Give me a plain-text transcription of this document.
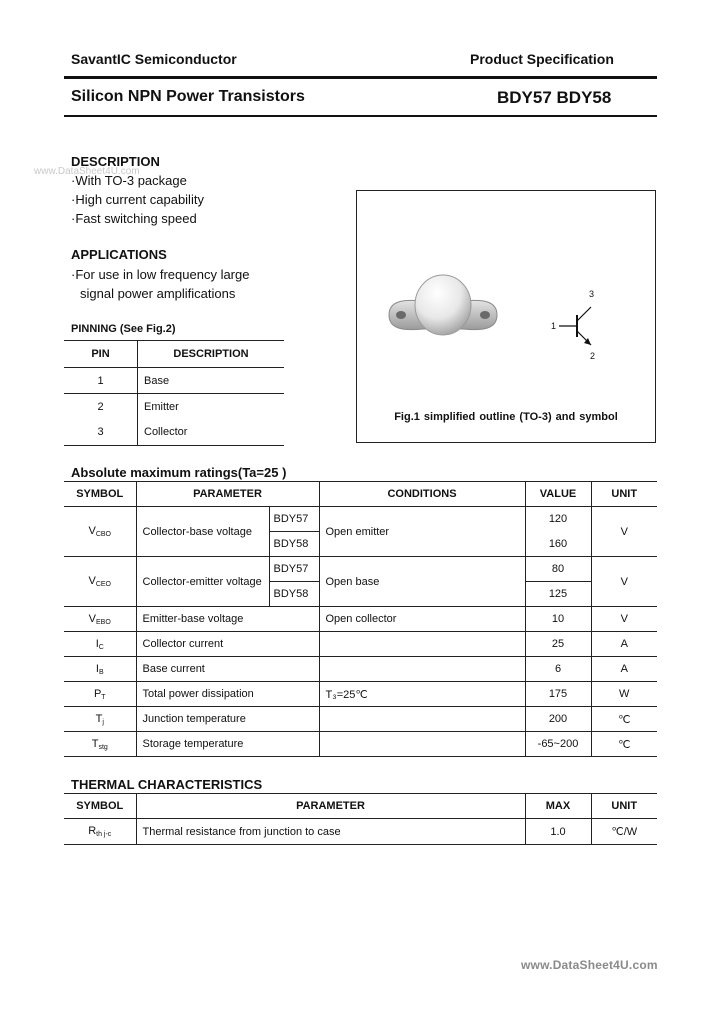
SavantIC Semiconductor	Product Specification
Silicon NPN Power Transistors	BDY57 BDY58
www.DataSheet4U.com
DESCRIPTION
·With TO-3 package
·High current capability
·Fast switching speed
APPLICATIONS
·For use in low frequency large
signal power amplifications
PINNING (See Fig.2)
PIN	DESCRIPTION
1	Base
2	Emitter
3	Collector
3
1
2
Fig.1 simplified outline (TO-3) and symbol
Absolute maximum ratings(Ta=25 )
SYMBOL	PARAMETER		CONDITIONS	VALUE	UNIT
$V_{CBO}$	Collector-base voltage	BDY57	Open emitter	120	V
		BDY58		160	
$V_{CEO}$	Collector-emitter voltage	BDY57	Open base	80	V
		BDY58		125	
$V_{EBO}$	Emitter-base voltage		Open collector	10	V
$I_C$	Collector current			25	A
$I_B$	Base current			6	A
$P_T$	Total power dissipation		T₃=25℃	175	W
$T_j$	Junction temperature			200	℃
$T_{stg}$	Storage temperature			-65~200	℃
THERMAL CHARACTERISTICS
SYMBOL	PARAMETER	MAX	UNIT
$R_{th j-c}$	Thermal resistance from junction to case	1.0	℃/W
www.DataSheet4U.com
